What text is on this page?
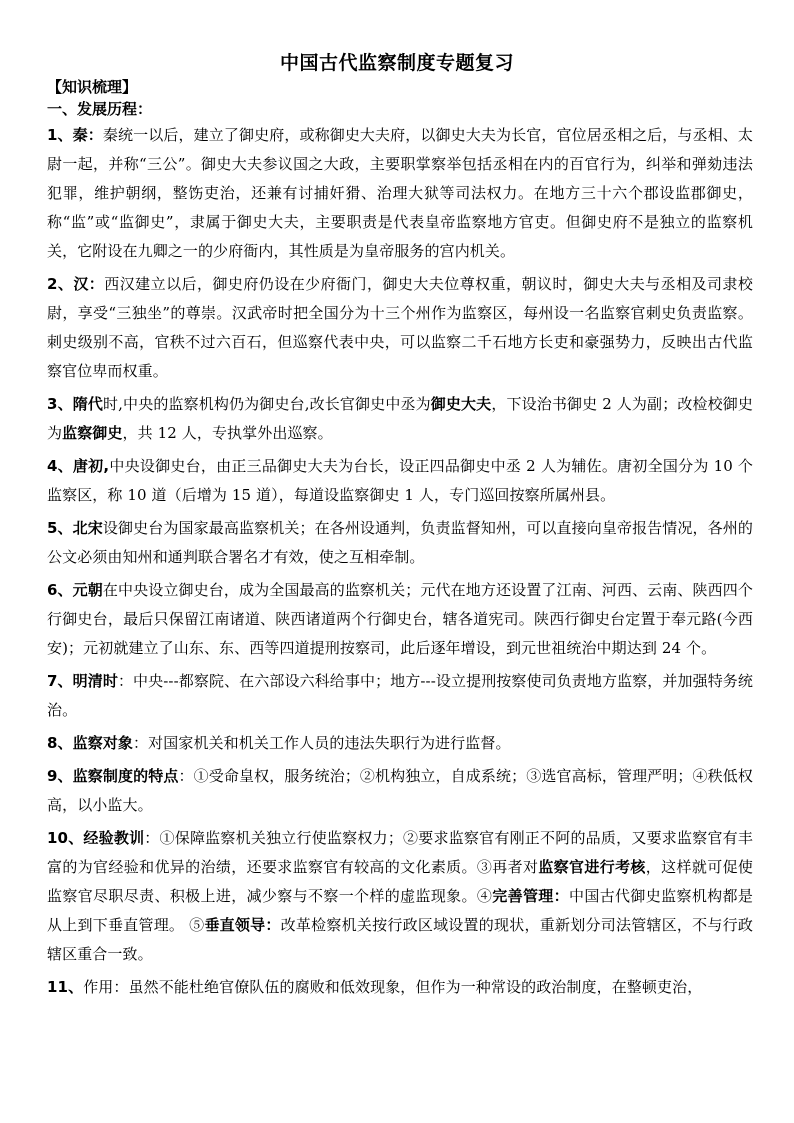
中国古代监察制度专题复习
【知识梳理】
一、发展历程：

1、秦：秦统一以后，建立了御史府，或称御史大夫府，以御史大夫为长官，官位居丞相之后，与丞相、太尉一起，并称“三公”。御史大夫参议国之大政，主要职掌察举包括丞相在内的百官行为，纠举和弹劾违法犯罪，维护朝纲，整饬吏治，还兼有讨捕奸猾、治理大狱等司法权力。在地方三十六个郡设监郡御史，称“监”或“监御史”，隶属于御史大夫，主要职责是代表皇帝监察地方官吏。但御史府不是独立的监察机关，它附设在九卿之一的少府衙内，其性质是为皇帝服务的宫内机关。

2、汉：西汉建立以后，御史府仍设在少府衙门，御史大夫位尊权重，朝议时，御史大夫与丞相及司隶校尉，享受“三独坐”的尊崇。汉武帝时把全国分为十三个州作为监察区，每州设一名监察官刺史负责监察。刺史级别不高，官秩不过六百石，但巡察代表中央，可以监察二千石地方长吏和豪强势力，反映出古代监察官位卑而权重。

3、隋代时,中央的监察机构仍为御史台,改长官御史中丞为御史大夫，下设治书御史 2 人为副；改检校御史为监察御史，共 12 人，专执掌外出巡察。

4、唐初,中央设御史台，由正三品御史大夫为台长，设正四品御史中丞 2 人为辅佐。唐初全国分为 10 个监察区，称 10 道（后增为 15 道），每道设监察御史 1 人，专门巡回按察所属州县。

5、北宋设御史台为国家最高监察机关；在各州设通判，负责监督知州，可以直接向皇帝报告情况，各州的公文必须由知州和通判联合署名才有效，使之互相牵制。

6、元朝在中央设立御史台，成为全国最高的监察机关；元代在地方还设置了江南、河西、云南、陕西四个行御史台，最后只保留江南诸道、陕西诸道两个行御史台，辖各道宪司。陕西行御史台定置于奉元路(今西安)；元初就建立了山东、东、西等四道提刑按察司，此后逐年增设，到元世祖统治中期达到 24 个。

7、明清时：中央---都察院、在六部设六科给事中；地方---设立提刑按察使司负责地方监察，并加强特务统治。

8、监察对象：对国家机关和机关工作人员的违法失职行为进行监督。

9、监察制度的特点：①受命皇权，服务统治；②机构独立，自成系统；③选官高标，管理严明；④秩低权高，以小监大。

10、经验教训：①保障监察机关独立行使监察权力；②要求监察官有刚正不阿的品质，又要求监察官有丰富的为官经验和优异的治绩，还要求监察官有较高的文化素质。③再者对监察官进行考核，这样就可促使监察官尽职尽责、积极上进，减少察与不察一个样的虚监现象。④完善管理：中国古代御史监察机构都是从上到下垂直管理。 ⑤垂直领导：改革检察机关按行政区域设置的现状，重新划分司法管辖区，不与行政辖区重合一致。

11、作用：虽然不能杜绝官僚队伍的腐败和低效现象，但作为一种常设的政治制度，在整顿吏治，
